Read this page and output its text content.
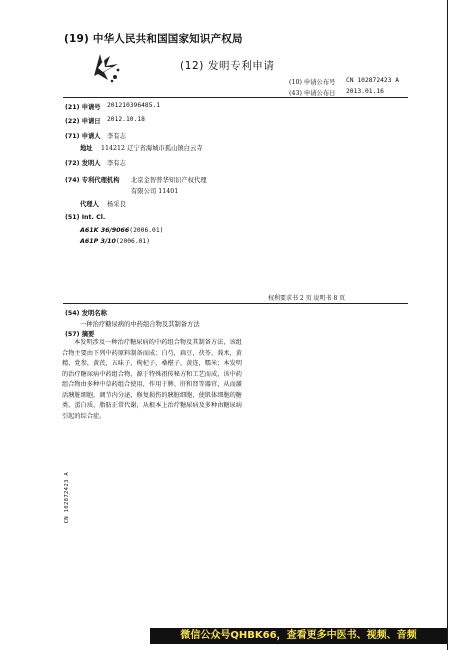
(19) 中华人民共和国国家知识产权局
(12) 发明专利申请
(10) 申请公布号 CN 102872423 A
(43) 申请公布日 2013.01.16
(21) 申请号 201210396485.1
(22) 申请日 2012.10.18
(71) 申请人 李有志
地址 114212 辽宁省海城市孤山镇白云寺
(72) 发明人 李有志
(74) 专利代理机构 北京金智普华知识产权代理
有限公司 11401
代理人 杨采良
(51) Int. Cl.
A61K 36/9066(2006.01)
A61P 3/10(2006.01)
权利要求书 2 页 说明书 8 页
(54) 发明名称
一种治疗糖尿病的中药组合物及其制备方法
(57) 摘要
本发明涉及一种治疗糖尿病的中药组合物及其制备方法，该组合物主要由下列中药原料制备而成：白芍，扁豆，茯苓，莪术，黄精，党参，黄芪，五味子，枸杞子，桑椹子，黄连，糯米；本发明的治疗糖尿病中药组合物，源于特殊祖传秘方和工艺而成，该中药组合物由多种中草药组合使用，作用于脾、肝和肾等器官，从而激活胰脏细胞，调节内分泌，修复损伤的胰脏细胞，使肌体细胞的糖类、蛋白质、脂肪正常代谢，从根本上治疗糖尿病及多种由糖尿病引起的综合症。
CN 102872423 A
微信公众号QHBK66，查看更多中医书、视频、音频
